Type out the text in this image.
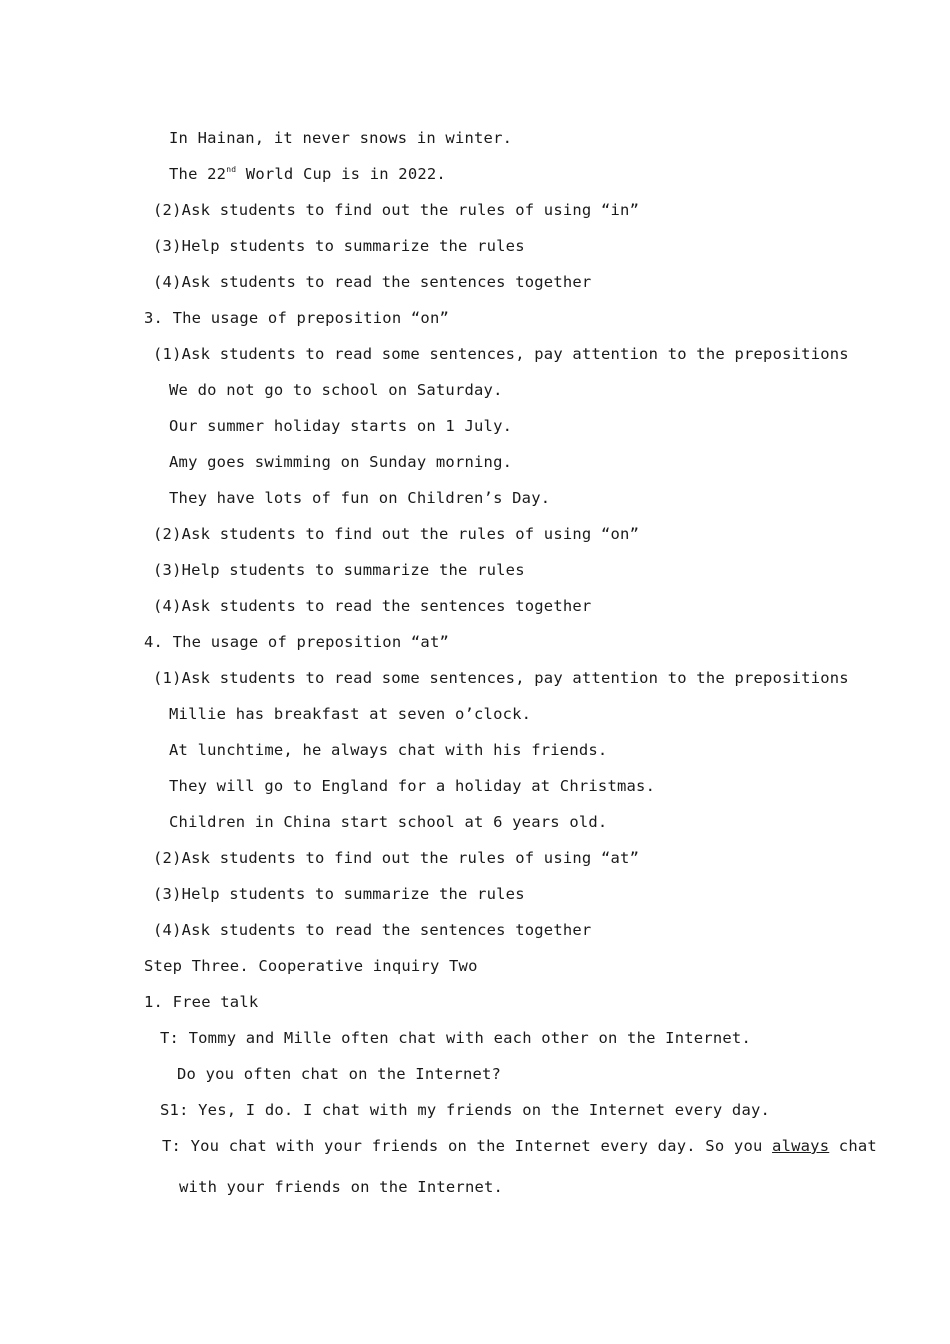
In Hainan, it never snows in winter.
The 22nd World Cup is in 2022.
(2)Ask students to find out the rules of using “in”
(3)Help students to summarize the rules
(4)Ask students to read the sentences together
3. The usage of preposition “on”
(1)Ask students to read some sentences, pay attention to the prepositions
We do not go to school on Saturday.
Our summer holiday starts on 1 July.
Amy goes swimming on Sunday morning.
They have lots of fun on Children’s Day.
(2)Ask students to find out the rules of using “on”
(3)Help students to summarize the rules
(4)Ask students to read the sentences together
4. The usage of preposition “at”
(1)Ask students to read some sentences, pay attention to the prepositions
Millie has breakfast at seven o’clock.
At lunchtime, he always chat with his friends.
They will go to England for a holiday at Christmas.
Children in China start school at 6 years old.
(2)Ask students to find out the rules of using “at”
(3)Help students to summarize the rules
(4)Ask students to read the sentences together
Step Three. Cooperative inquiry Two
1. Free talk
T: Tommy and Mille often chat with each other on the Internet.
Do you often chat on the Internet?
S1: Yes, I do. I chat with my friends on the Internet every day.
T: You chat with your friends on the Internet every day. So you always chat
with your friends on the Internet.
